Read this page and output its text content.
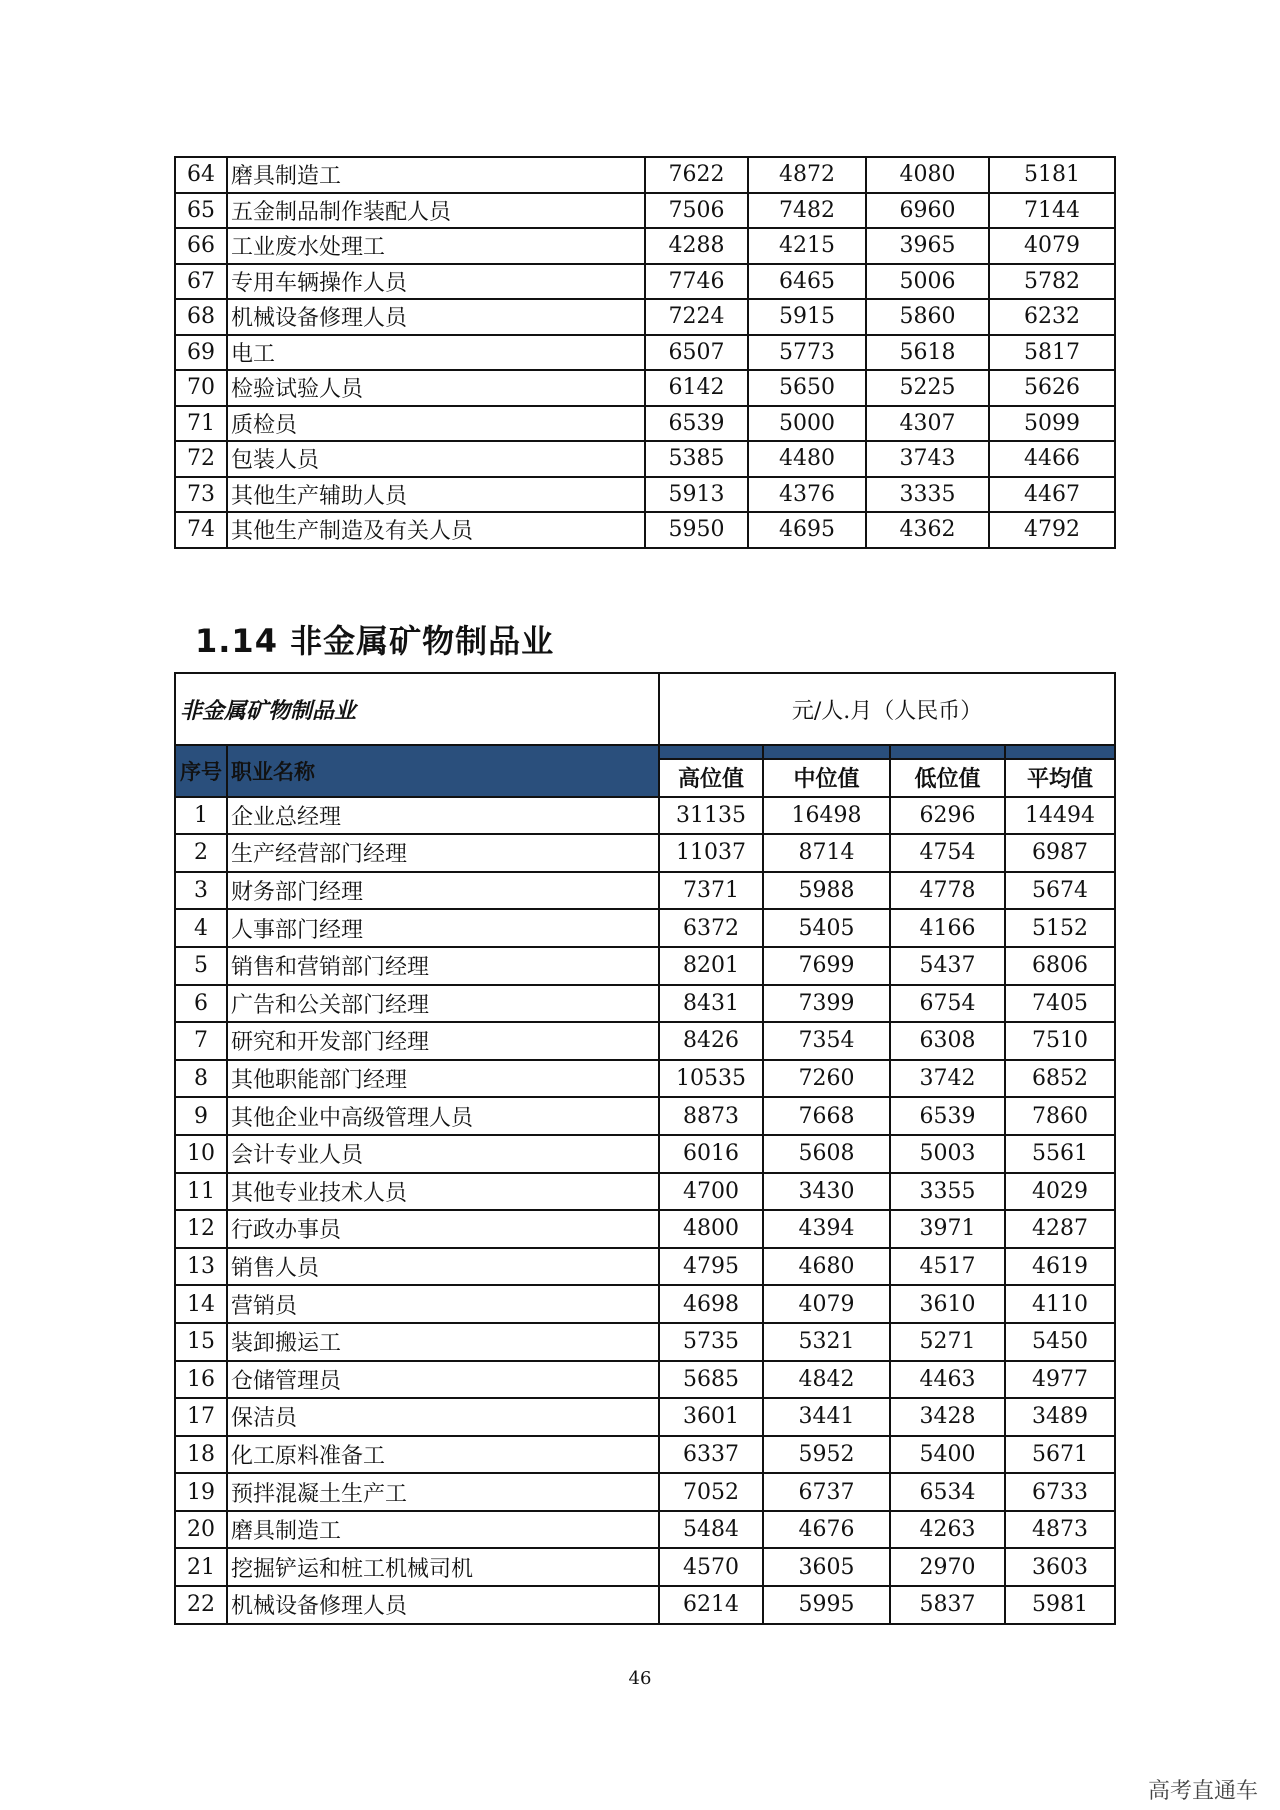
64	磨具制造工	7622	4872	4080	5181
65	五金制品制作装配人员	7506	7482	6960	7144
66	工业废水处理工	4288	4215	3965	4079
67	专用车辆操作人员	7746	6465	5006	5782
68	机械设备修理人员	7224	5915	5860	6232
69	电工	6507	5773	5618	5817
70	检验试验人员	6142	5650	5225	5626
71	质检员	6539	5000	4307	5099
72	包装人员	5385	4480	3743	4466
73	其他生产辅助人员	5913	4376	3335	4467
74	其他生产制造及有关人员	5950	4695	4362	4792
1.14 非金属矿物制品业
非金属矿物制品业		元/人.月（人民币）			
序号	职业名称				
		高位值	中位值	低位值	平均值
1	企业总经理	31135	16498	6296	14494
2	生产经营部门经理	11037	8714	4754	6987
3	财务部门经理	7371	5988	4778	5674
4	人事部门经理	6372	5405	4166	5152
5	销售和营销部门经理	8201	7699	5437	6806
6	广告和公关部门经理	8431	7399	6754	7405
7	研究和开发部门经理	8426	7354	6308	7510
8	其他职能部门经理	10535	7260	3742	6852
9	其他企业中高级管理人员	8873	7668	6539	7860
10	会计专业人员	6016	5608	5003	5561
11	其他专业技术人员	4700	3430	3355	4029
12	行政办事员	4800	4394	3971	4287
13	销售人员	4795	4680	4517	4619
14	营销员	4698	4079	3610	4110
15	装卸搬运工	5735	5321	5271	5450
16	仓储管理员	5685	4842	4463	4977
17	保洁员	3601	3441	3428	3489
18	化工原料准备工	6337	5952	5400	5671
19	预拌混凝土生产工	7052	6737	6534	6733
20	磨具制造工	5484	4676	4263	4873
21	挖掘铲运和桩工机械司机	4570	3605	2970	3603
22	机械设备修理人员	6214	5995	5837	5981
46
高考直通车
